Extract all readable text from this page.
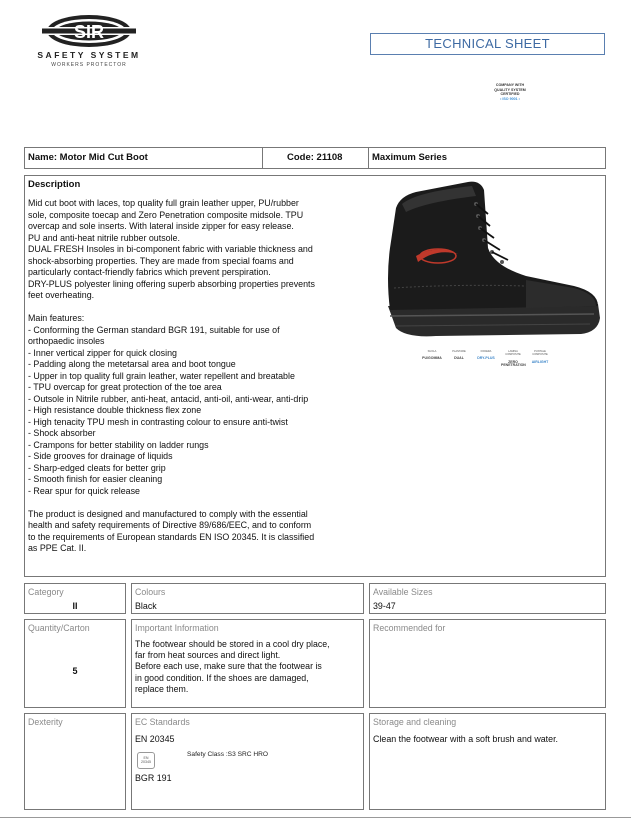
SIR
SAFETY SYSTEM
WORKERS PROTECTOR
TECHNICAL SHEET
COMPANY WITH
QUALITY SYSTEM
CERTIFIED
• ISO 9001 •
Name: Motor Mid Cut Boot	Code: 21108	Maximum Series
Description
Mid cut boot with laces, top quality full grain leather upper, PU/rubber
sole, composite toecap and Zero Penetration composite midsole. TPU
overcap and sole inserts. With lateral inside zipper for easy release.
PU and anti-heat nitrile rubber outsole.
DUAL FRESH Insoles in bi-component fabric with variable thickness and
shock-absorbing properties. They are made from special foams and
particularly contact-friendly fabrics which prevent perspiration.
DRY-PLUS polyester lining offering superb absorbing properties prevents
feet overheating.

Main features:
- Conforming the German standard BGR 191, suitable for use of
orthopaedic insoles
- Inner vertical zipper for quick closing
- Padding along the metetarsal area and boot tongue
- Upper in top quality full grain leather, water repellent and breatable
- TPU overcap for great protection of the toe area
- Outsole in Nitrile rubber, anti-heat, antacid, anti-oil, anti-wear, anti-drip
- High resistance double thickness flex zone
- High tenacity TPU mesh in contrasting colour to ensure anti-twist
- Shock absorber
- Crampons for better stability on ladder rungs
- Side grooves for drainage of liquids
- Sharp-edged cleats for better grip
- Smooth finish for easier cleaning
- Rear spur for quick release

The product is designed and manufactured to comply with the essential
health and safety requirements of Directive 89/686/EEC, and to conform
to the requirements of European standards EN ISO 20345. It is classified
as PPE Cat. II.
SUOLA
PU/GOMMA
PLANTARE
DUAL
FODERA
DRY-PLUS
LAMINA COMPOSITE
ZERO PENETRATION
PUNTALE COMPOSITE
AIRLIGHT
Category
II
Colours
Black
Available Sizes
39-47
Quantity/Carton
5
Important Information
The footwear should be stored in a cool dry place,
far from heat sources and direct light.
Before each use, make sure that the footwear is
in good condition. If the shoes are damaged,
replace them.
Recommended for
Dexterity	EC Standards
EN 20345
EN
20345
Safety Class :S3 SRC HRO
BGR 191
Storage and cleaning
Clean the footwear with a soft brush and water.
